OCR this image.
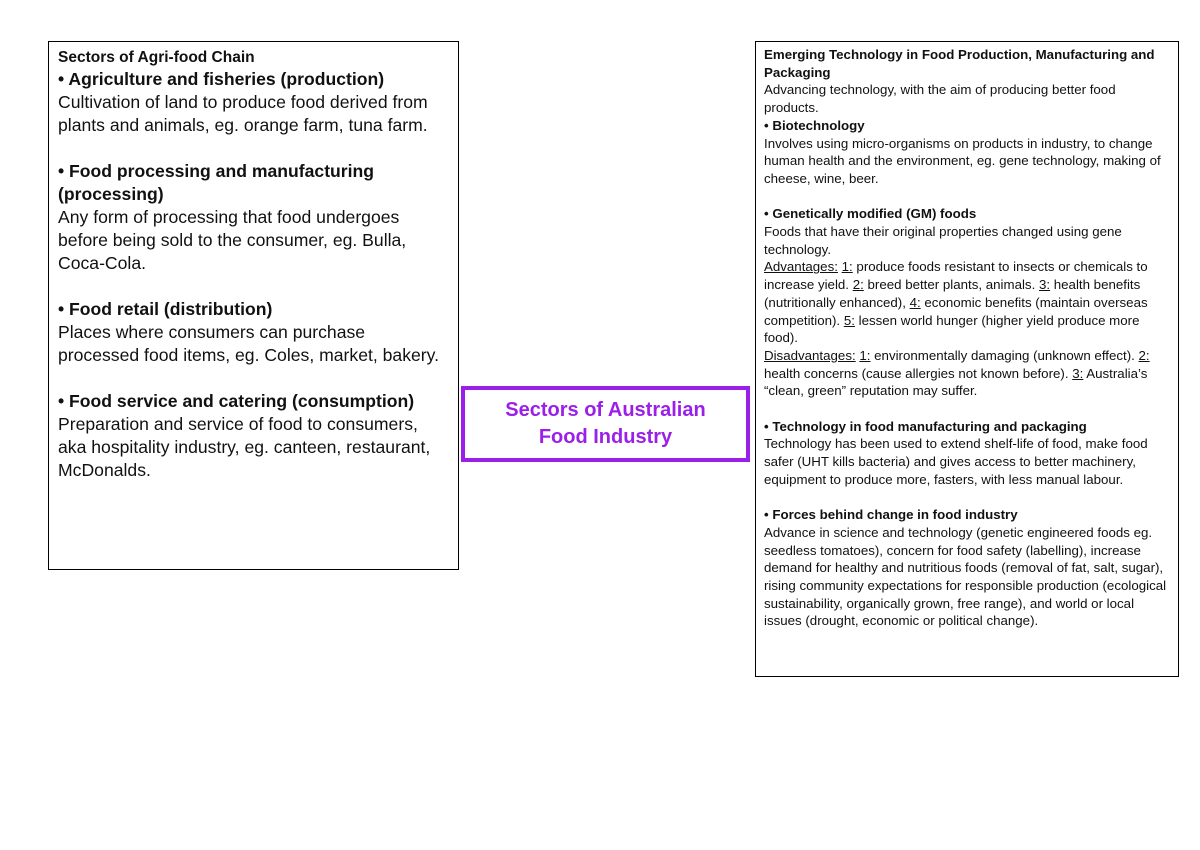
Sectors of Agri-food Chain
• Agriculture and fisheries (production)
Cultivation of land to produce food derived from plants and animals, eg. orange farm, tuna farm.
• Food processing and manufacturing (processing)
Any form of processing that food undergoes before being sold to the consumer, eg. Bulla, Coca-Cola.
• Food retail (distribution)
Places where consumers can purchase processed food items, eg. Coles, market, bakery.
• Food service and catering (consumption)
Preparation and service of food to consumers, aka hospitality industry, eg. canteen, restaurant, McDonalds.
Sectors of Australian
Food Industry
Emerging Technology in Food Production, Manufacturing and Packaging
Advancing technology, with the aim of producing better food products.
• Biotechnology
Involves using micro-organisms on products in industry, to change human health and the environment, eg. gene technology, making of cheese, wine, beer.
• Genetically modified (GM) foods
Foods that have their original properties changed using gene technology.
Advantages: 1: produce foods resistant to insects or chemicals to increase yield. 2: breed better plants, animals. 3: health benefits (nutritionally enhanced), 4: economic benefits (maintain overseas competition). 5: lessen world hunger (higher yield produce more food).
Disadvantages: 1: environmentally damaging (unknown effect). 2: health concerns (cause allergies not known before). 3: Australia’s “clean, green” reputation may suffer.
• Technology in food manufacturing and packaging
Technology has been used to extend shelf-life of food, make food safer (UHT kills bacteria) and gives access to better machinery, equipment to produce more, fasters, with less manual labour.
• Forces behind change in food industry
Advance in science and technology (genetic engineered foods eg. seedless tomatoes), concern for food safety (labelling), increase demand for healthy and nutritious foods (removal of fat, salt, sugar), rising community expectations for responsible production (ecological sustainability, organically grown, free range), and world or local issues (drought, economic or political change).
